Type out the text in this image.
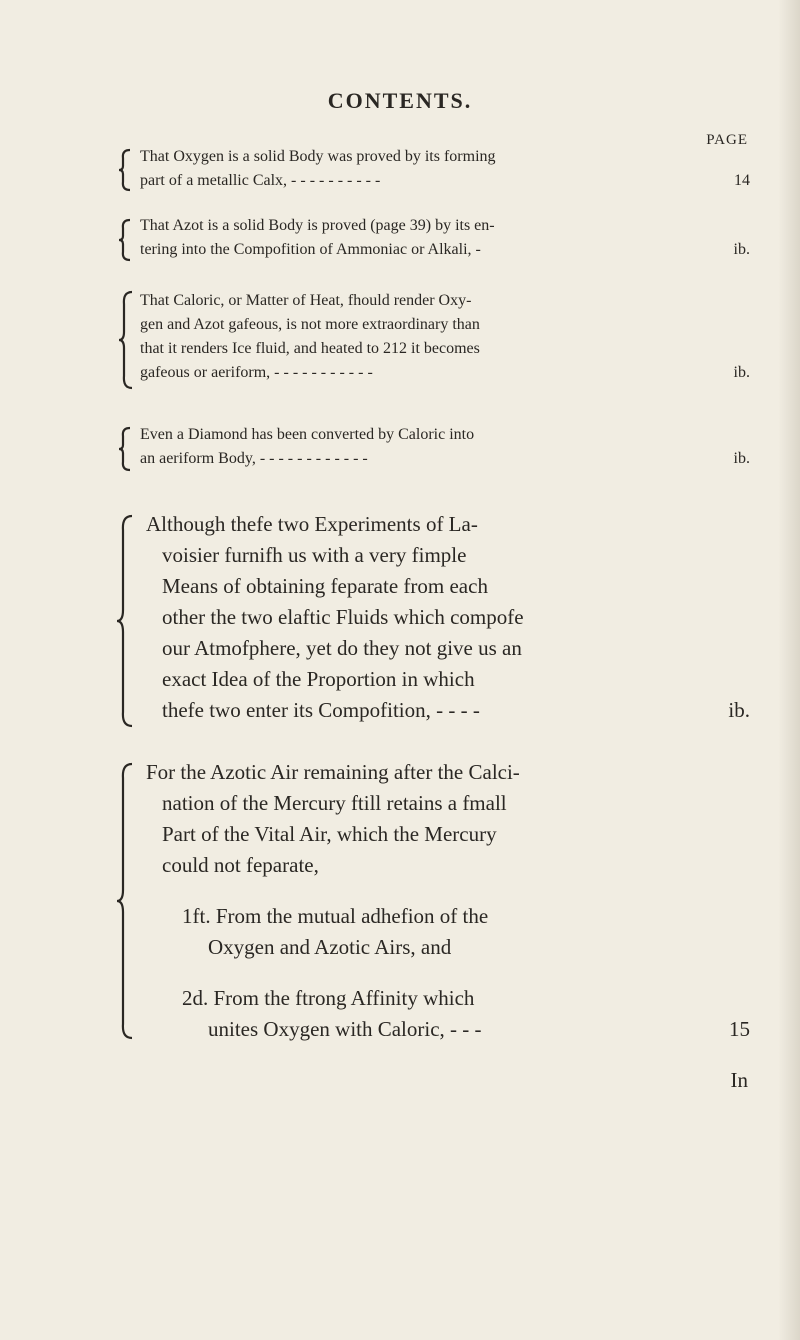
CONTENTS.
PAGE
That Oxygen is a solid Body was proved by its forming
part of a metallic Calx, - - - - - - - - - -	14
That Azot is a solid Body is proved (page 39) by its en-
tering into the Compofition of Ammoniac or Alkali, -	ib.
That Caloric, or Matter of Heat, fhould render Oxy-
gen and Azot gafeous, is not more extraordinary than
that it renders Ice fluid, and heated to 212 it becomes
gafeous or aeriform, - - - - - - - - - - -	ib.
Even a Diamond has been converted by Caloric into
an aeriform Body, - - - - - - - - - - - -	ib.
Although thefe two Experiments of La-
voisier furnifh us with a very fimple
Means of obtaining feparate from each
other the two elaftic Fluids which compofe
our Atmofphere, yet do they not give us an
exact Idea of the Proportion in which
thefe two enter its Compofition, - - - -	ib.
For the Azotic Air remaining after the Calci-
nation of the Mercury ftill retains a fmall
Part of the Vital Air, which the Mercury
could not feparate,
1ft. From the mutual adhefion of the
Oxygen and Azotic Airs, and
2d. From the ftrong Affinity which
unites Oxygen with Caloric, - - -	15
In
